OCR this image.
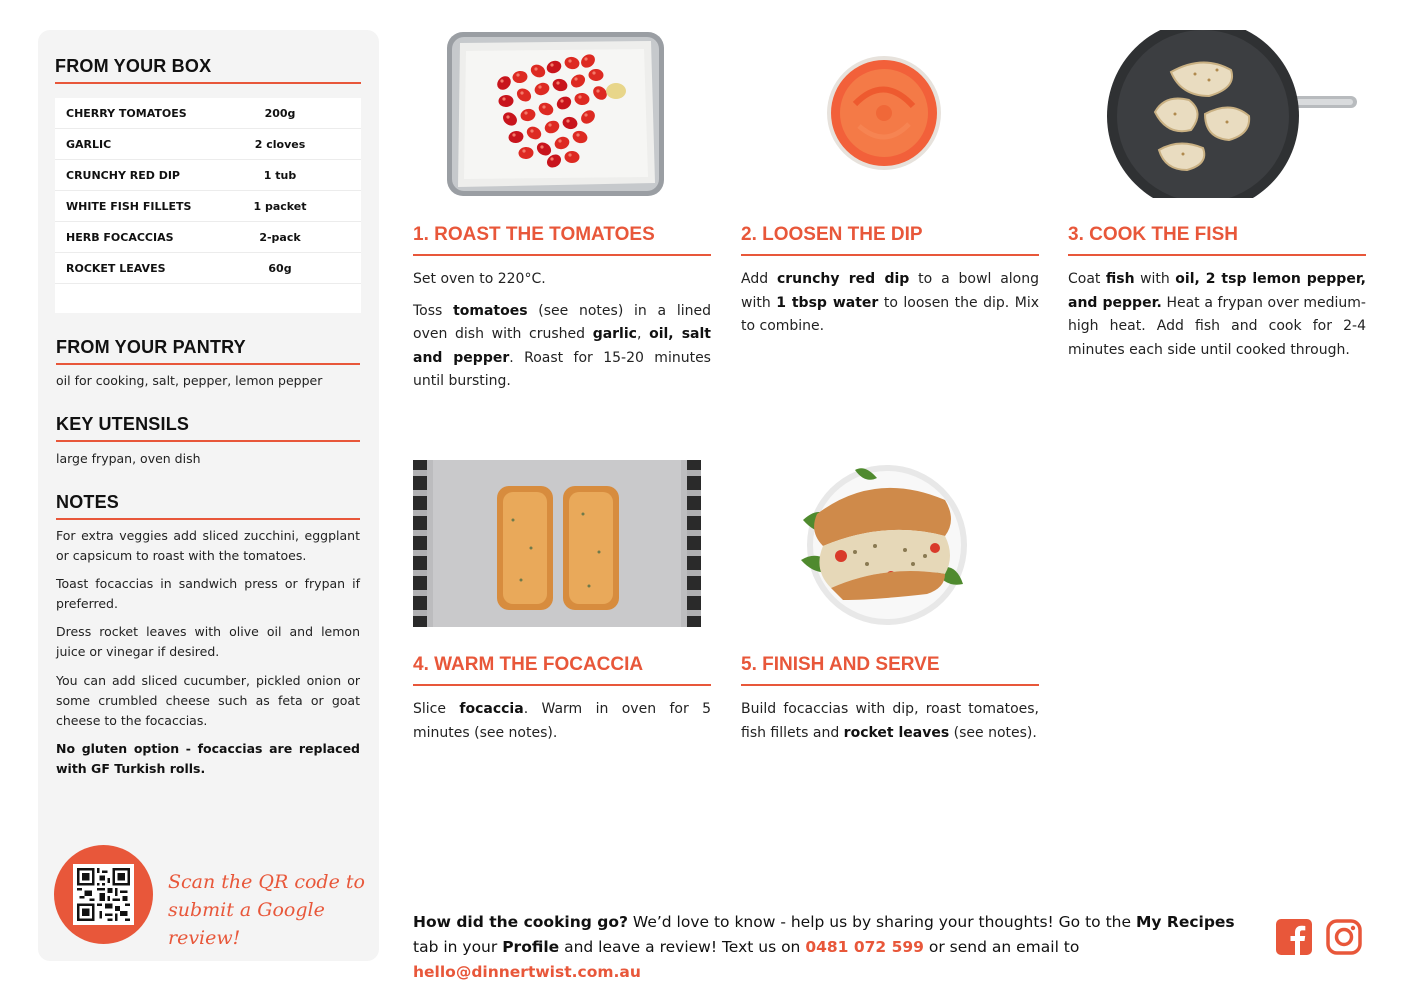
FROM YOUR BOX
CHERRY TOMATOES	200g
GARLIC	2 cloves
CRUNCHY RED DIP	1 tub
WHITE FISH FILLETS	1 packet
HERB FOCACCIAS	2-pack
ROCKET LEAVES	60g
FROM YOUR PANTRY
oil for cooking, salt, pepper, lemon pepper
KEY UTENSILS
large frypan, oven dish
NOTES
For extra veggies add sliced zucchini, eggplant or capsicum to roast with the tomatoes.
Toast focaccias in sandwich press or frypan if preferred.
Dress rocket leaves with olive oil and lemon juice or vinegar if desired.
You can add sliced cucumber, pickled onion or some crumbled cheese such as feta or goat cheese to the focaccias.
No gluten option - focaccias are replaced with GF Turkish rolls.
Scan the QR code to
submit a Google review!
1. ROAST THE TOMATOES

Set oven to 220°C.

Toss tomatoes (see notes) in a lined oven dish with crushed garlic, oil, salt and pepper. Roast for 15-20 minutes until bursting.

2. LOOSEN THE DIP

Add crunchy red dip to a bowl along with 1 tbsp water to loosen the dip. Mix to combine.

3. COOK THE FISH

Coat fish with oil, 2 tsp lemon pepper, and pepper. Heat a frypan over medium-high heat. Add fish and cook for 2-4 minutes each side until cooked through.

4. WARM THE FOCACCIA

Slice focaccia. Warm in oven for 5 minutes (see notes).

5. FINISH AND SERVE

Build focaccias with dip, roast tomatoes, fish fillets and rocket leaves (see notes).

How did the cooking go? We’d love to know - help us by sharing your thoughts! Go to the My Recipes tab in your Profile and leave a review! Text us on 0481 072 599 or send an email to hello@dinnertwist.com.au
